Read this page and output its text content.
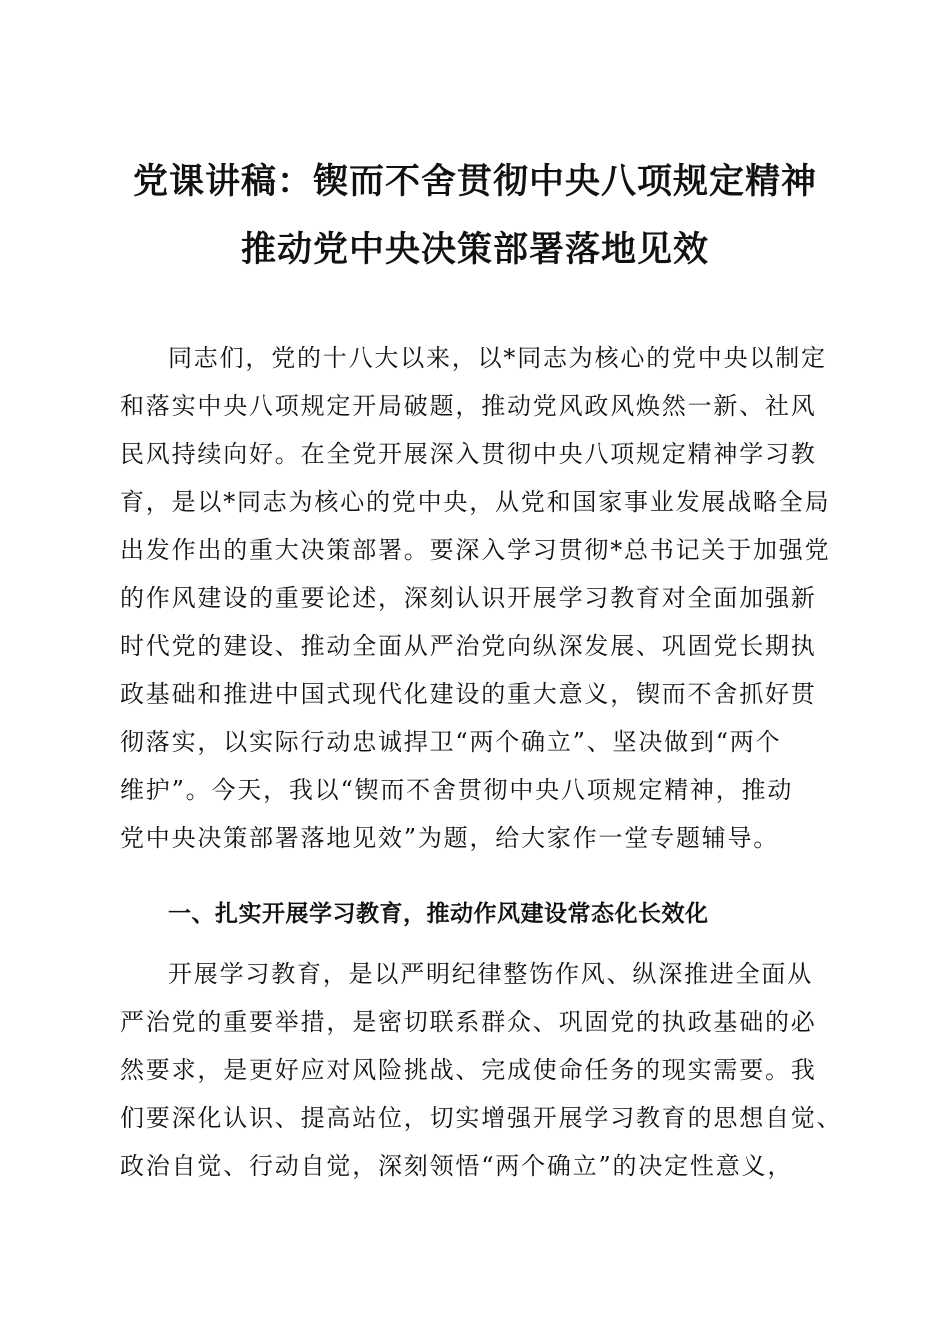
党课讲稿：锲而不舍贯彻中央八项规定精神
推动党中央决策部署落地见效
同志们，党的十八大以来，以*同志为核心的党中央以制定
和落实中央八项规定开局破题，推动党风政风焕然一新、社风
民风持续向好。在全党开展深入贯彻中央八项规定精神学习教
育，是以*同志为核心的党中央，从党和国家事业发展战略全局
出发作出的重大决策部署。要深入学习贯彻*总书记关于加强党
的作风建设的重要论述，深刻认识开展学习教育对全面加强新
时代党的建设、推动全面从严治党向纵深发展、巩固党长期执
政基础和推进中国式现代化建设的重大意义，锲而不舍抓好贯
彻落实，以实际行动忠诚捍卫“两个确立”、坚决做到“两个
维护”。今天，我以“锲而不舍贯彻中央八项规定精神，推动
党中央决策部署落地见效”为题，给大家作一堂专题辅导。
一、扎实开展学习教育，推动作风建设常态化长效化
开展学习教育，是以严明纪律整饬作风、纵深推进全面从
严治党的重要举措，是密切联系群众、巩固党的执政基础的必
然要求，是更好应对风险挑战、完成使命任务的现实需要。我
们要深化认识、提高站位，切实增强开展学习教育的思想自觉、
政治自觉、行动自觉，深刻领悟“两个确立”的决定性意义，
